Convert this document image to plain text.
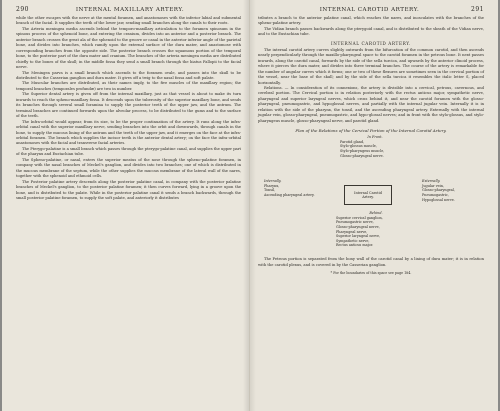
290	INTERNAL MAXILLARY ARTERY.

while the other escapes with the nerve at the mental foramen, and anastomoses with the inferior labial and submental branch of the facial. It supplies the teeth of the lower jaw, sending small branches along the canals to their roots.

The Arteria meningea media ascends behind the temporo-maxillary articulation to the foramen spinosum in the spinous process of the sphenoid bone, and entering the cranium, divides into an anterior and a posterior branch. The anterior branch crosses the great ala of the sphenoid to the groove or canal in the anterior inferior angle of the parietal bone, and divides into branches, which ramify upon the external surface of the dura mater, and anastomose with corresponding branches from the opposite side. The posterior branch crosses the squamous portion of the temporal bone, to the posterior part of the dura mater and cranium. The branches of the arteria meningea media are distributed chiefly to the bones of the skull; in the middle fossa they send a small branch through the hiatus Fallopii to the facial nerve.

The Meningea parva is a small branch which ascends to the foramen ovale, and passes into the skull to be distributed to the Casserian ganglion and dura mater. It gives off a twig to the nasal fossa and soft palate.

The Muscular branches are distributed, as their names imply, to the five muscles of the maxillary region; the temporal branches (temporales profundæ) are two in number.

The Superior dental artery is given off from the internal maxillary, just as that vessel is about to make its turn inwards to reach the spheno-maxillary fossa. It descends upon the tuberosity of the superior maxillary bone, and sends its branches through several small foramina to supply the posterior teeth of the upper jaw, and the antrum. The terminal branches are continued forwards upon the alveolar process, to be distributed to the gums and to the surface of the teeth.

The Infra-orbital would appear, from its size, to be the proper continuation of the artery. It runs along the infra-orbital canal with the superior maxillary nerve, sending branches into the orbit and downwards, through canals in the bone, to supply the mucous lining of the antrum and the teeth of the upper jaw, and it emerges on the face at the infra-orbital foramen. The branch which supplies the incisor teeth is the anterior dental artery; on the face the infra-orbital anastomoses with the facial and transverse facial arteries.

The Pterygo-palatine is a small branch which passes through the pterygo-palatine canal, and supplies the upper part of the pharynx and Eustachian tube.

The Spheno-palatine, or nasal, enters the superior meatus of the nose through the spheno-palatine foramen, in company with the nasal branches of Meckel's ganglion, and divides into two branches; one of which is distributed in the mucous membrane of the septum, while the other supplies the mucous membrane of the lateral wall of the nares, together with the sphenoid and ethmoid cells.

The Posterior palatine artery descends along the posterior palatine canal, in company with the posterior palatine branches of Meckel's ganglion, to the posterior palatine foramen; it then curves forward, lying in a groove upon the bone, and is distributed to the palate. While in the posterior palatine canal it sends a branch backwards, through the small posterior palatine foramen, to supply the soft palate, and anteriorly it distributes

INTERNAL CAROTID ARTERY.	291

tributes a branch to the anterior palatine canal, which reaches the nares, and inosculates with the branches of the spheno-palatine artery.

The Vidian branch passes backwards along the pterygoid canal, and is distributed to the sheath of the Vidian nerve, and to the Eustachian tube.

INTERNAL CAROTID ARTERY.

The internal carotid artery curves slightly outwards from the bifurcation of the common carotid, and then ascends nearly perpendicularly through the maxillo-pharyngeal space to the carotid foramen in the petrous bone. It next passes inwards, along the carotid canal, forwards by the side of the sella turcica, and upwards by the anterior clinoid process, where it pierces the dura mater, and divides into three terminal branches. The course of the artery is remarkable for the number of angular curves which it forms; one or two of these flexures are sometimes seen in the cervical portion of the vessel, near the base of the skull; and by the side of the sella turcica it resembles the italic letter S, placed horizontally.

Relations. — In consideration of its connexions, the artery is divisible into a cervical, petrous, cavernous, and cerebral portion. The Cervical portion is in relation posteriorly with the rectus anticus major, sympathetic nerve, pharyngeal and superior laryngeal nerves, which cross behind it, and near the carotid foramen with the glosso-pharyngeal, pneumogastric, and hypoglossal nerves, and partially with the internal jugular vein. Internally it is in relation with the side of the pharynx, the tonsil, and the ascending pharyngeal artery. Externally with the internal jugular vein, glosso-pharyngeal, pneumogastric, and hypo-glossal nerves; and in front with the stylo-glossus, and stylo-pharyngeus muscle, glosso-pharyngeal nerve, and parotid gland.

Plan of the Relations of the Cervical Portion of the Internal Carotid Artery.
In Front.
Parotid gland,
Stylo-glossus muscle,
Stylo-pharyngeus muscle,
Glosso-pharyngeal nerve.
Internally.
Pharynx,
Tonsil,
Ascending pharyngeal artery.
Internal Carotid
Artery.
Externally.
Jugular vein,
Glosso-pharyngeal,
Pneumogastric,
Hypoglossal nerve.
Behind.
Superior cervical ganglion,
Pneumogastric nerve,
Glosso-pharyngeal nerve,
Pharyngeal nerve,
Superior laryngeal nerve,
Sympathetic nerve,
Rectus anticus major.

The Petrous portion is separated from the bony wall of the carotid canal by a lining of dura mater; it is in relation with the carotid plexus, and is covered in by the Casserian ganglion.

* For the boundaries of this space see page 184.
